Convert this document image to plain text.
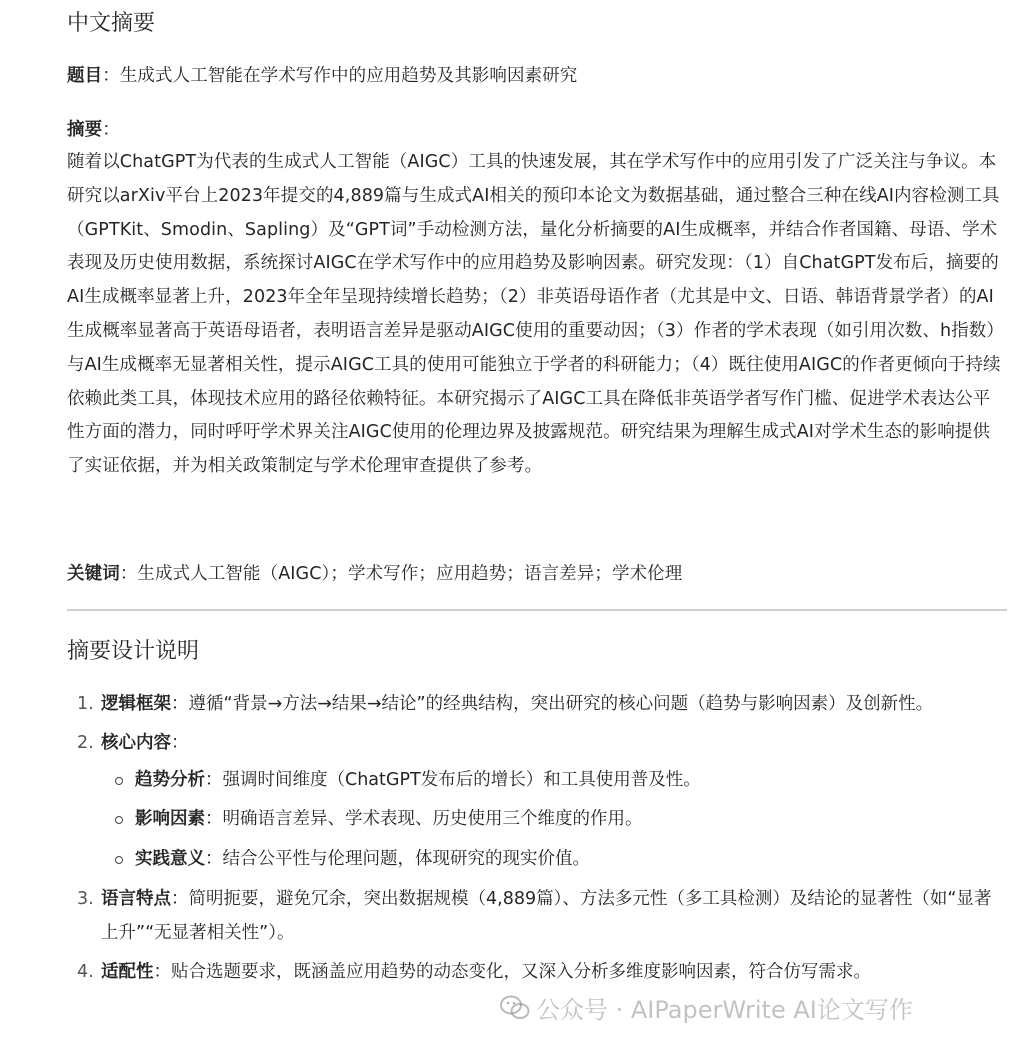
中文摘要

题目：生成式人工智能在学术写作中的应用趋势及其影响因素研究

摘要：

随着以ChatGPT为代表的生成式人工智能（AIGC）工具的快速发展，其在学术写作中的应用引发了广泛关注与争议。本研究以arXiv平台上2023年提交的4,889篇与生成式AI相关的预印本论文为数据基础，通过整合三种在线AI内容检测工具（GPTKit、Smodin、Sapling）及“GPT词”手动检测方法，量化分析摘要的AI生成概率，并结合作者国籍、母语、学术表现及历史使用数据，系统探讨AIGC在学术写作中的应用趋势及影响因素。研究发现：（1）自ChatGPT发布后，摘要的AI生成概率显著上升，2023年全年呈现持续增长趋势；（2）非英语母语作者（尤其是中文、日语、韩语背景学者）的AI生成概率显著高于英语母语者，表明语言差异是驱动AIGC使用的重要动因；（3）作者的学术表现（如引用次数、h指数）与AI生成概率无显著相关性，提示AIGC工具的使用可能独立于学者的科研能力；（4）既往使用AIGC的作者更倾向于持续依赖此类工具，体现技术应用的路径依赖特征。本研究揭示了AIGC工具在降低非英语学者写作门槛、促进学术表达公平性方面的潜力，同时呼吁学术界关注AIGC使用的伦理边界及披露规范。研究结果为理解生成式AI对学术生态的影响提供了实证依据，并为相关政策制定与学术伦理审查提供了参考。

关键词：生成式人工智能（AIGC）；学术写作；应用趋势；语言差异；学术伦理

摘要设计说明
1. 逻辑框架：遵循“背景→方法→结果→结论”的经典结构，突出研究的核心问题（趋势与影响因素）及创新性。
2. 核心内容：
趋势分析：强调时间维度（ChatGPT发布后的增长）和工具使用普及性。
影响因素：明确语言差异、学术表现、历史使用三个维度的作用。
实践意义：结合公平性与伦理问题，体现研究的现实价值。
3. 语言特点：简明扼要，避免冗余，突出数据规模（4,889篇）、方法多元性（多工具检测）及结论的显著性（如“显著上升”“无显著相关性”）。
4. 适配性：贴合选题要求，既涵盖应用趋势的动态变化，又深入分析多维度影响因素，符合仿写需求。
公众号 · AIPaperWrite AI论文写作
